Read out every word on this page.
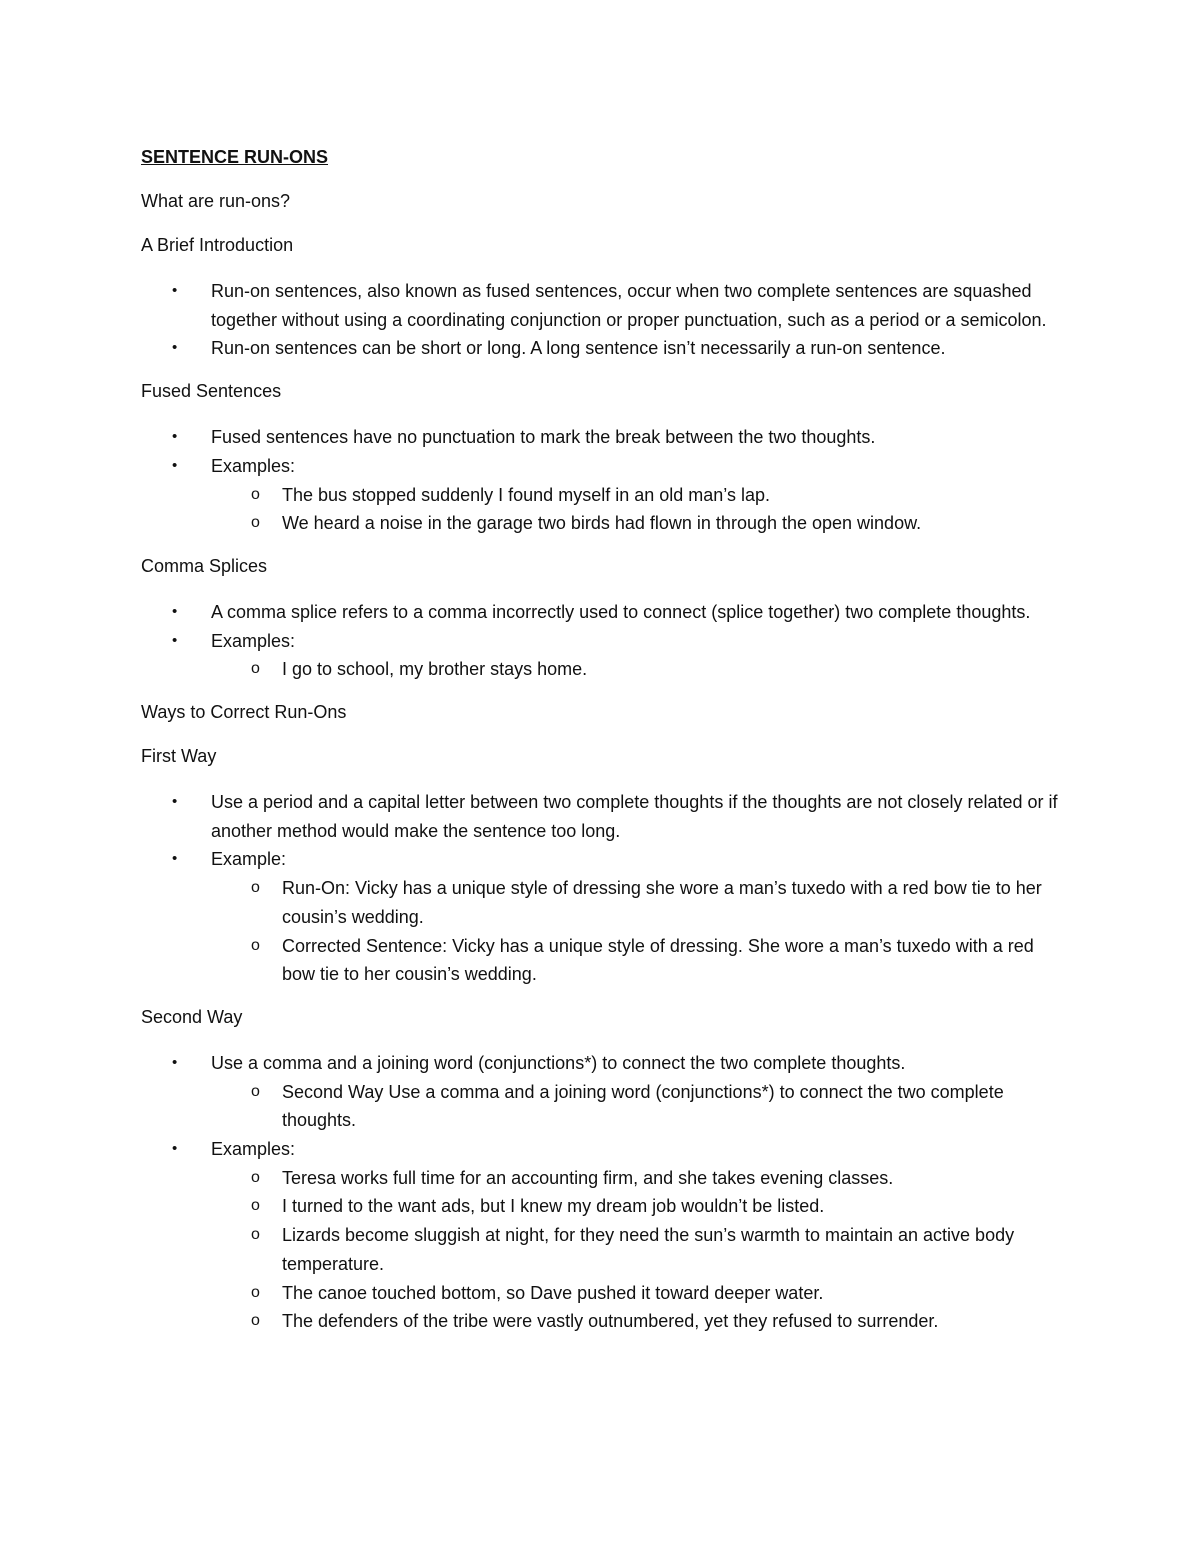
SENTENCE RUN-ONS
What are run-ons?
A Brief Introduction
• Run-on sentences, also known as fused sentences, occur when two complete sentences are squashed together without using a coordinating conjunction or proper punctuation, such as a period or a semicolon.
• Run-on sentences can be short or long. A long sentence isn’t necessarily a run-on sentence.
Fused Sentences
• Fused sentences have no punctuation to mark the break between the two thoughts.
• Examples:
o The bus stopped suddenly I found myself in an old man’s lap.
o We heard a noise in the garage two birds had flown in through the open window.
Comma Splices
• A comma splice refers to a comma incorrectly used to connect (splice together) two complete thoughts.
• Examples:
o I go to school, my brother stays home.
Ways to Correct Run-Ons
First Way
• Use a period and a capital letter between two complete thoughts if the thoughts are not closely related or if another method would make the sentence too long.
• Example:
o Run-On: Vicky has a unique style of dressing she wore a man’s tuxedo with a red bow tie to her cousin’s wedding.
o Corrected Sentence: Vicky has a unique style of dressing. She wore a man’s tuxedo with a red bow tie to her cousin’s wedding.
Second Way
• Use a comma and a joining word (conjunctions*) to connect the two complete thoughts.
o Second Way Use a comma and a joining word (conjunctions*) to connect the two complete thoughts.
• Examples:
o Teresa works full time for an accounting firm, and she takes evening classes.
o I turned to the want ads, but I knew my dream job wouldn’t be listed.
o Lizards become sluggish at night, for they need the sun’s warmth to maintain an active body temperature.
o The canoe touched bottom, so Dave pushed it toward deeper water.
o The defenders of the tribe were vastly outnumbered, yet they refused to surrender.
